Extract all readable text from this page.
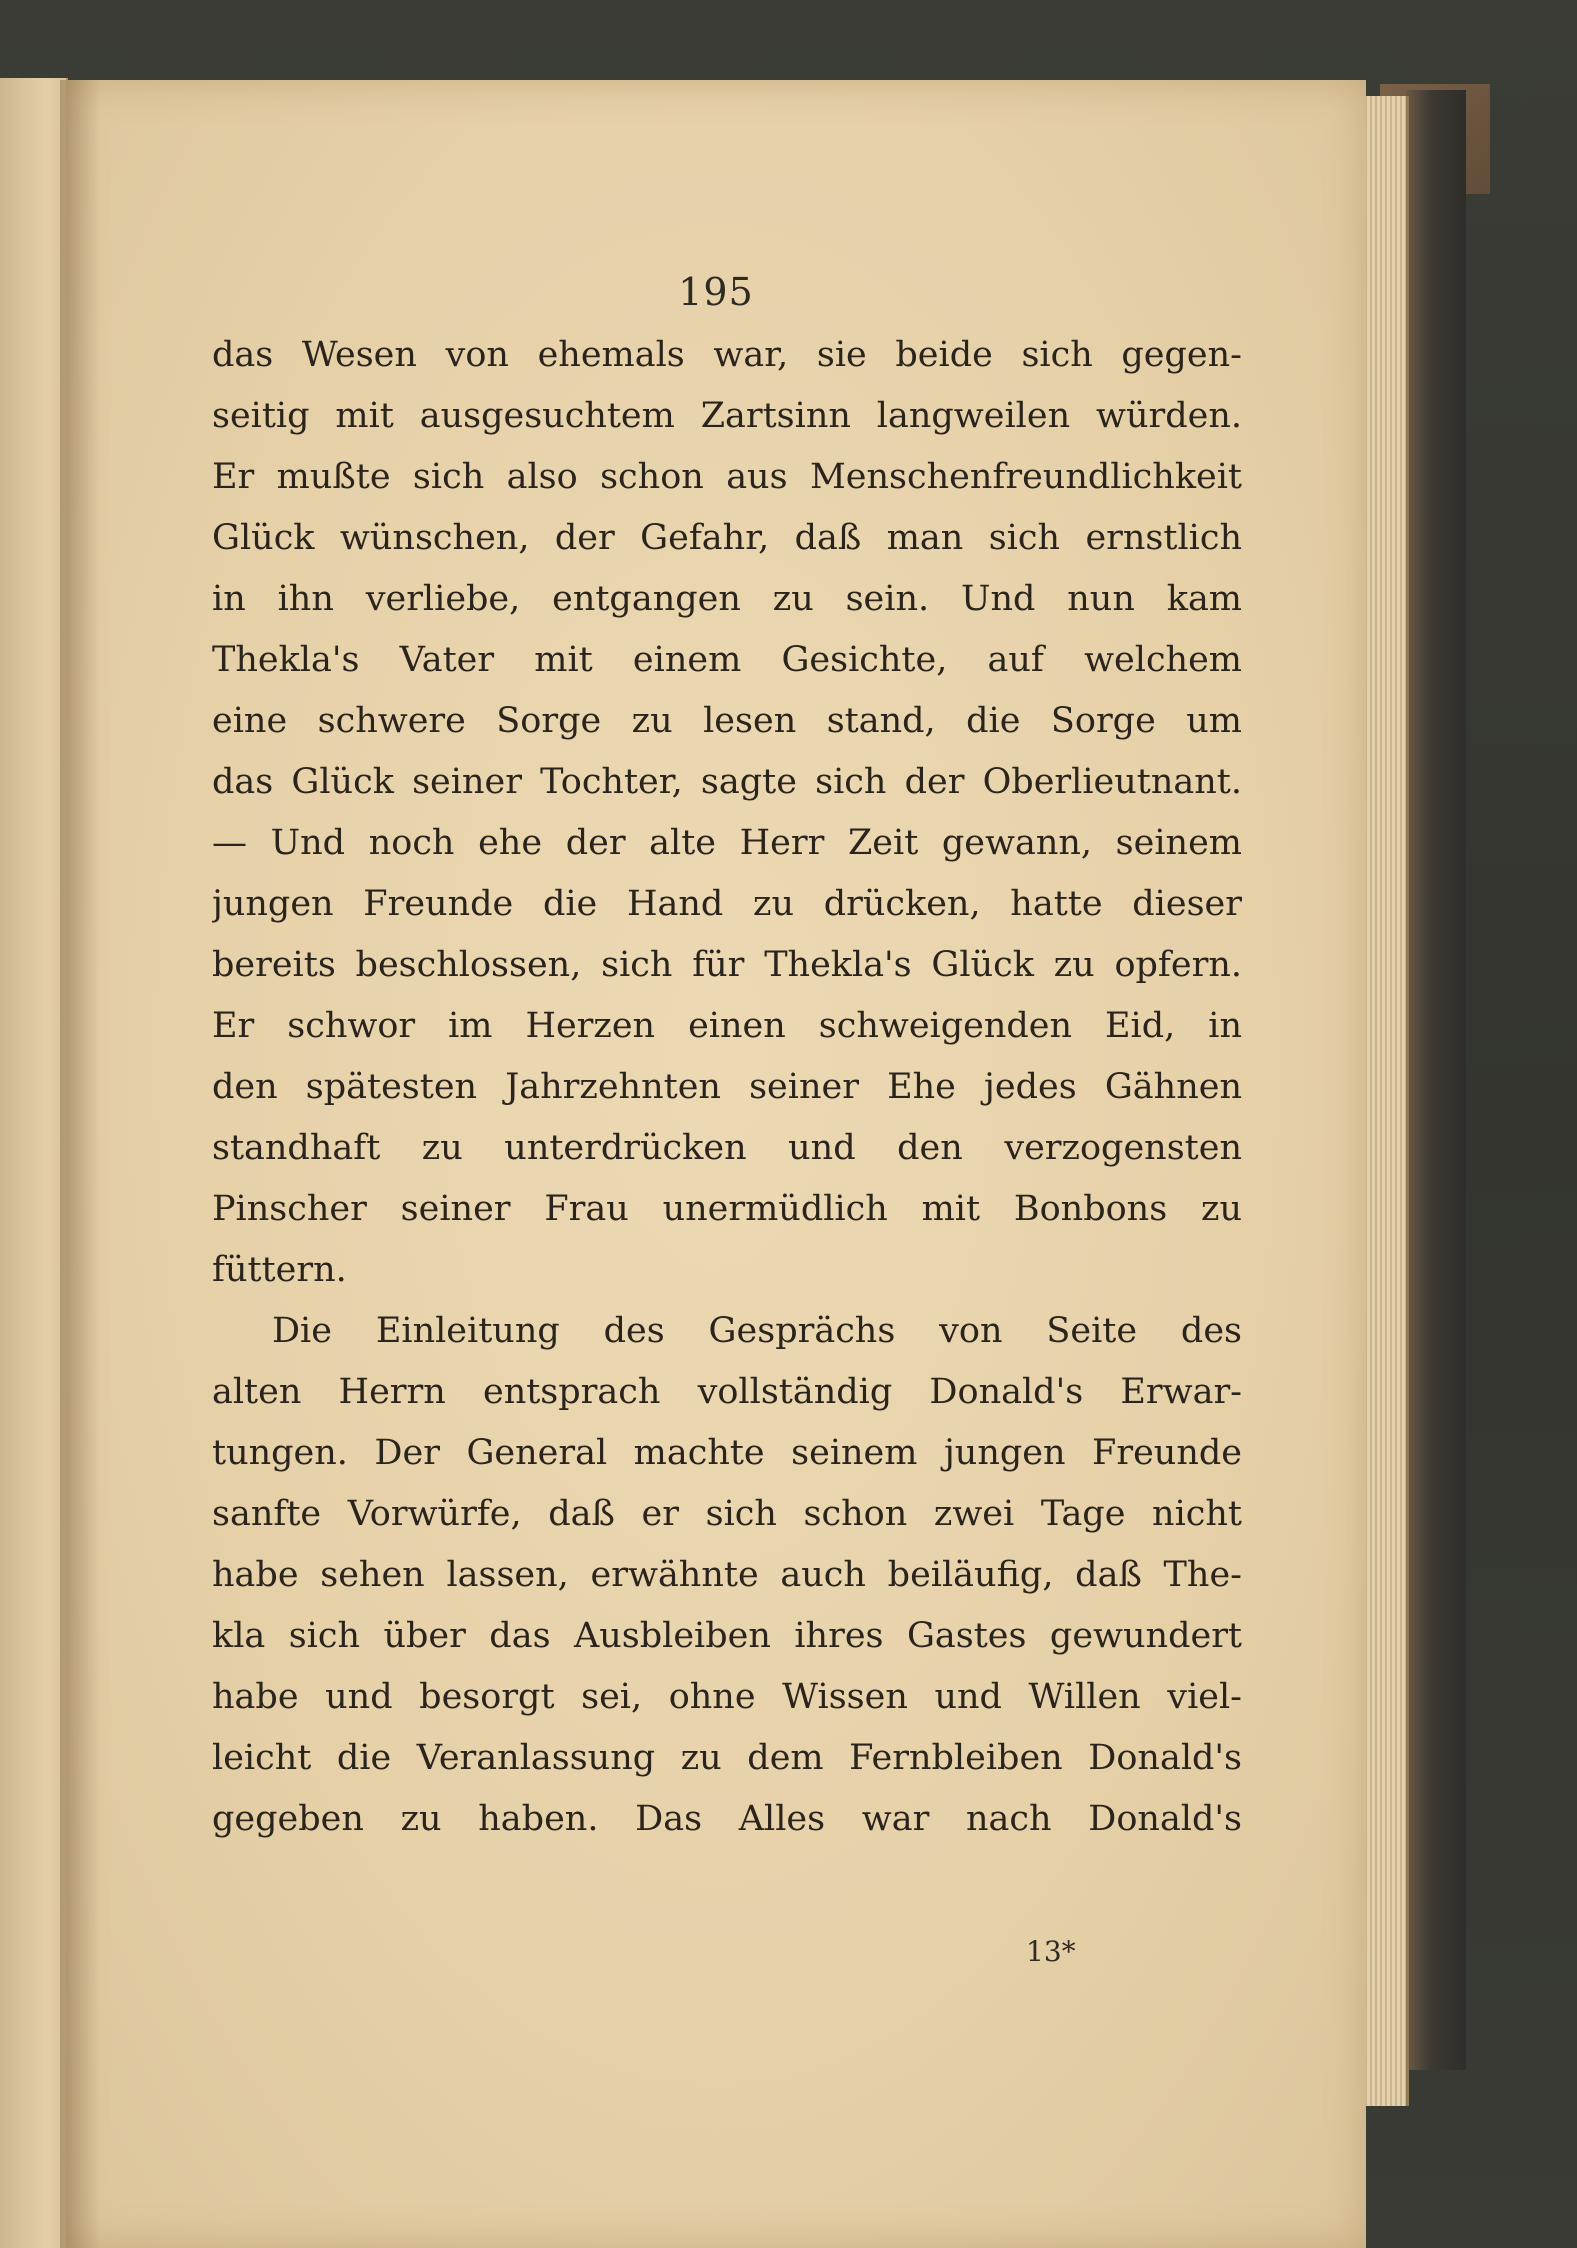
195
das Wesen von ehemals war, sie beide sich gegen-
seitig mit ausgesuchtem Zartsinn langweilen würden.
Er mußte sich also schon aus Menschenfreundlichkeit
Glück wünschen, der Gefahr, daß man sich ernstlich
in ihn verliebe, entgangen zu sein. Und nun kam
Thekla's Vater mit einem Gesichte, auf welchem
eine schwere Sorge zu lesen stand, die Sorge um
das Glück seiner Tochter, sagte sich der Oberlieutnant.
— Und noch ehe der alte Herr Zeit gewann, seinem
jungen Freunde die Hand zu drücken, hatte dieser
bereits beschlossen, sich für Thekla's Glück zu opfern.
Er schwor im Herzen einen schweigenden Eid, in
den spätesten Jahrzehnten seiner Ehe jedes Gähnen
standhaft zu unterdrücken und den verzogensten
Pinscher seiner Frau unermüdlich mit Bonbons zu
füttern.
Die Einleitung des Gesprächs von Seite des
alten Herrn entsprach vollständig Donald's Erwar-
tungen. Der General machte seinem jungen Freunde
sanfte Vorwürfe, daß er sich schon zwei Tage nicht
habe sehen lassen, erwähnte auch beiläufig, daß The-
kla sich über das Ausbleiben ihres Gastes gewundert
habe und besorgt sei, ohne Wissen und Willen viel-
leicht die Veranlassung zu dem Fernbleiben Donald's
gegeben zu haben. Das Alles war nach Donald's
13*
